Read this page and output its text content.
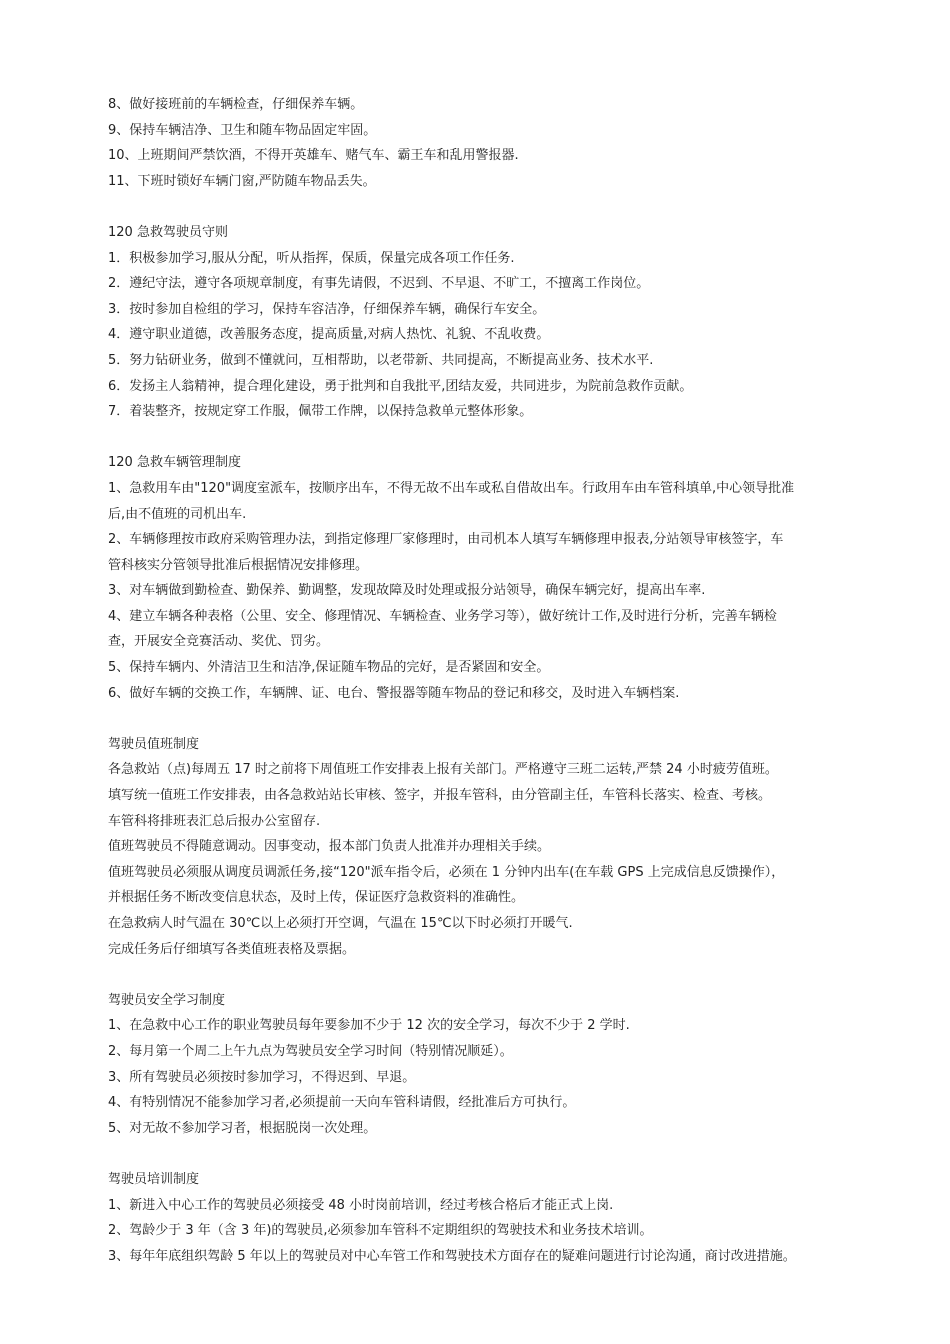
8、做好接班前的车辆检查，仔细保养车辆。

9、保持车辆洁净、卫生和随车物品固定牢固。

10、上班期间严禁饮酒，不得开英雄车、赌气车、霸王车和乱用警报器.

11、下班时锁好车辆门窗,严防随车物品丢失。

120 急救驾驶员守则

1．积极参加学习,服从分配，听从指挥，保质，保量完成各项工作任务.

2．遵纪守法，遵守各项规章制度，有事先请假，不迟到、不早退、不旷工，不擅离工作岗位。

3．按时参加自检组的学习，保持车容洁净，仔细保养车辆，确保行车安全。

4．遵守职业道德，改善服务态度，提高质量,对病人热忱、礼貌、不乱收费。

5．努力钻研业务，做到不懂就问，互相帮助，以老带新、共同提高，不断提高业务、技术水平.

6．发扬主人翁精神，提合理化建设，勇于批判和自我批平,团结友爱，共同进步，为院前急救作贡献。

7．着装整齐，按规定穿工作服，佩带工作牌，以保持急救单元整体形象。

120 急救车辆管理制度

1、急救用车由"120"调度室派车，按顺序出车，不得无故不出车或私自借故出车。行政用车由车管科填单,中心领导批准

后,由不值班的司机出车.

2、车辆修理按市政府采购管理办法，到指定修理厂家修理时，由司机本人填写车辆修理申报表,分站领导审核签字，车

管科核实分管领导批准后根据情况安排修理。

3、对车辆做到勤检查、勤保养、勤调整，发现故障及时处理或报分站领导，确保车辆完好，提高出车率.

4、建立车辆各种表格（公里、安全、修理情况、车辆检查、业务学习等），做好统计工作,及时进行分析，完善车辆检

查，开展安全竞赛活动、奖优、罚劣。

5、保持车辆内、外清洁卫生和洁净,保证随车物品的完好，是否紧固和安全。

6、做好车辆的交换工作，车辆牌、证、电台、警报器等随车物品的登记和移交，及时进入车辆档案.

驾驶员值班制度

各急救站（点)每周五 17 时之前将下周值班工作安排表上报有关部门。严格遵守三班二运转,严禁 24 小时疲劳值班。

填写统一值班工作安排表，由各急救站站长审核、签字，并报车管科，由分管副主任，车管科长落实、检查、考核。

车管科将排班表汇总后报办公室留存.

值班驾驶员不得随意调动。因事变动，报本部门负责人批准并办理相关手续。

值班驾驶员必须服从调度员调派任务,接“120"派车指令后，必须在 1 分钟内出车(在车载 GPS 上完成信息反馈操作），

并根据任务不断改变信息状态，及时上传，保证医疗急救资料的准确性。

在急救病人时气温在 30℃以上必须打开空调，气温在 15℃以下时必须打开暖气.

完成任务后仔细填写各类值班表格及票据。

驾驶员安全学习制度

1、在急救中心工作的职业驾驶员每年要参加不少于 12 次的安全学习，每次不少于 2 学时.

2、每月第一个周二上午九点为驾驶员安全学习时间（特别情况顺延）。

3、所有驾驶员必须按时参加学习，不得迟到、早退。

4、有特别情况不能参加学习者,必须提前一天向车管科请假，经批准后方可执行。

5、对无故不参加学习者，根据脱岗一次处理。

驾驶员培训制度

1、新进入中心工作的驾驶员必须接受 48 小时岗前培训，经过考核合格后才能正式上岗.

2、驾龄少于 3 年（含 3 年)的驾驶员,必须参加车管科不定期组织的驾驶技术和业务技术培训。

3、每年年底组织驾龄 5 年以上的驾驶员对中心车管工作和驾驶技术方面存在的疑难问题进行讨论沟通，商讨改进措施。
